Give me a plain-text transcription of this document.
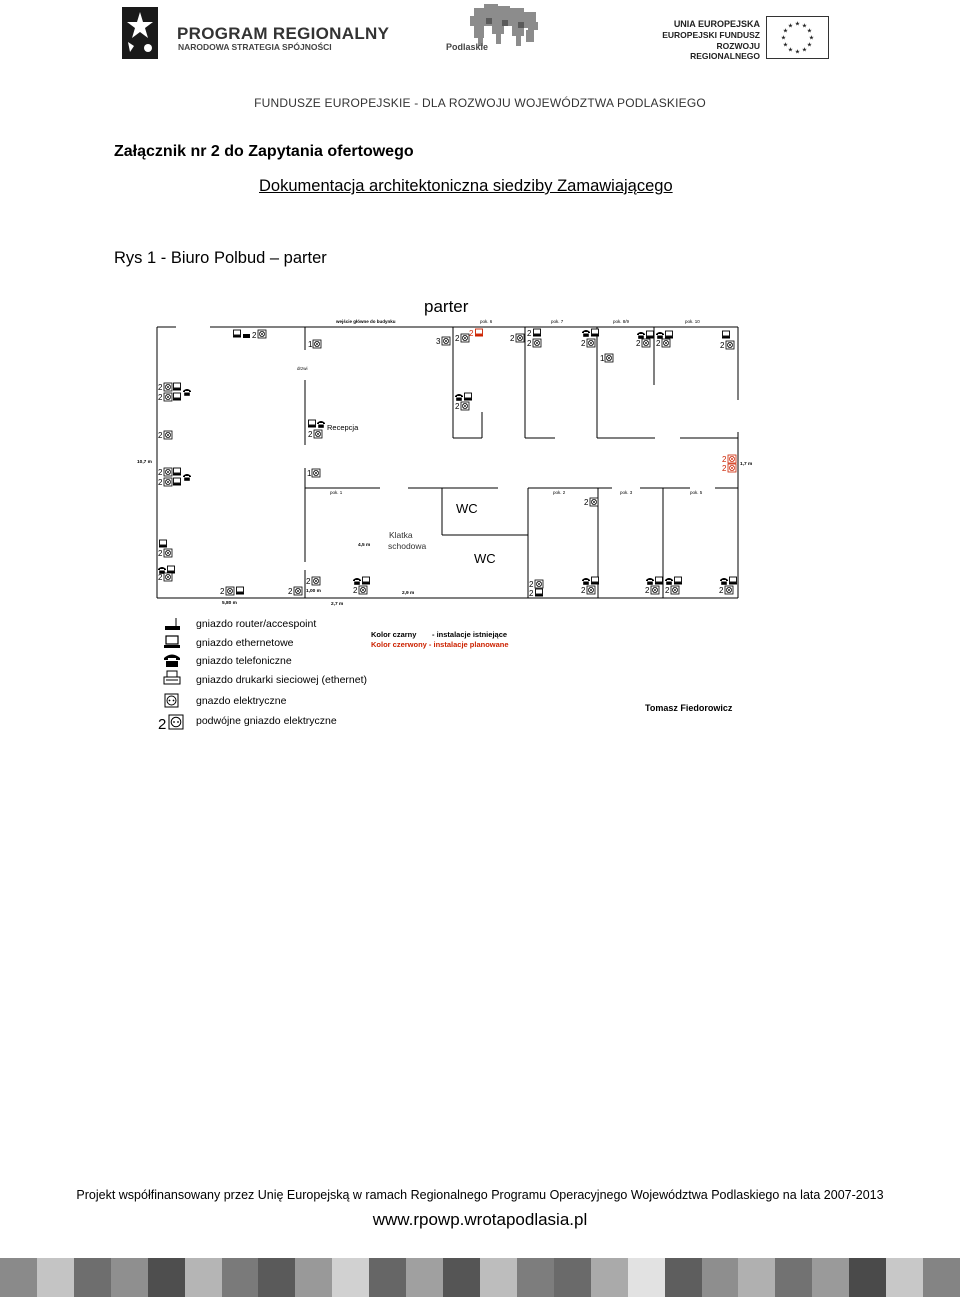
PROGRAM REGIONALNY
NARODOWA STRATEGIA SPÓJNOŚCI	Podlaskie
UNIA EUROPEJSKA
EUROPEJSKI FUNDUSZ
ROZWOJU REGIONALNEGO
★ ★
★
★
★
★
★
★
★
★
★
★
FUNDUSZE EUROPEJSKIE - DLA ROZWOJU WOJEWÓDZTWA PODLASKIEGO
Załącznik nr 2 do Zapytania ofertowego
Dokumentacja architektoniczna siedziby Zamawiającego
Rys 1 - Biuro Polbud – parter
parter
wejście główne do budynku	pok. 6	pok. 7	pok. 8/9	pok. 10
pok. 1	pok. 2	pok. 3	pok. 5
drzwi
Recepcja
Klatka
schodowa
WC
WC
10,7 m	1,7 m
4,5 m
5,80 m
1,00 m
2,7 m
2,9 m
2
1	3 2
2
2
2
2	2
1
2 2	2
2
2
2
2
2
2
2
2
2
1
2
2
2
2	2
2
2
2
2	2	2 2	2
2
gniazdo router/accespoint
gniazdo ethernetowe
gniazdo telefoniczne
gniazdo drukarki sieciowej (ethernet)
gnazdo elektryczne
podwójne gniazdo elektryczne
Kolor czarny - instalacje istniejące
Kolor czerwony - instalacje planowane
Tomasz Fiedorowicz
Projekt współfinansowany przez Unię Europejską w ramach Regionalnego Programu Operacyjnego Województwa Podlaskiego na lata 2007-2013
www.rpowp.wrotapodlasia.pl
